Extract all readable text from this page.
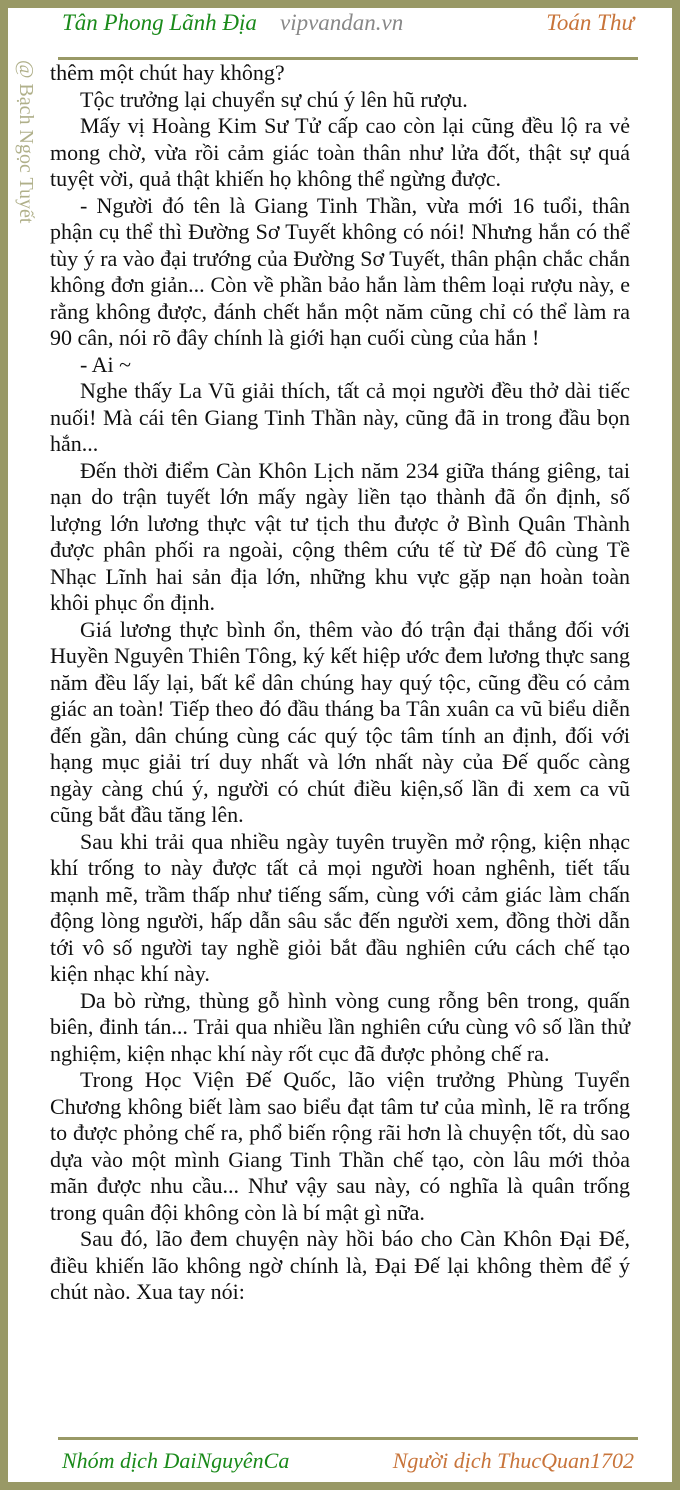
Tân Phong Lãnh Địa vipvandan.vn	Toán Thư
@ Bạch Ngọc Tuyết thêm một chút hay không?

Tộc trưởng lại chuyển sự chú ý lên hũ rượu.

Mấy vị Hoàng Kim Sư Tử cấp cao còn lại cũng đều lộ ra vẻ mong chờ, vừa rồi cảm giác toàn thân như lửa đốt, thật sự quá tuyệt vời, quả thật khiến họ không thể ngừng được.

- Người đó tên là Giang Tinh Thần, vừa mới 16 tuổi, thân phận cụ thể thì Đường Sơ Tuyết không có nói! Nhưng hắn có thể tùy ý ra vào đại trướng của Đường Sơ Tuyết, thân phận chắc chắn không đơn giản... Còn về phần bảo hắn làm thêm loại rượu này, e rằng không được, đánh chết hắn một năm cũng chỉ có thể làm ra 90 cân, nói rõ đây chính là giới hạn cuối cùng của hắn !

- Ai ~

Nghe thấy La Vũ giải thích, tất cả mọi người đều thở dài tiếc nuối! Mà cái tên Giang Tinh Thần này, cũng đã in trong đầu bọn hắn...

Đến thời điểm Càn Khôn Lịch năm 234 giữa tháng giêng, tai nạn do trận tuyết lớn mấy ngày liền tạo thành đã ổn định, số lượng lớn lương thực vật tư tịch thu được ở Bình Quân Thành được phân phối ra ngoài, cộng thêm cứu tế từ Đế đô cùng Tề Nhạc Lĩnh hai sản địa lớn, những khu vực gặp nạn hoàn toàn khôi phục ổn định.

Giá lương thực bình ổn, thêm vào đó trận đại thắng đối với Huyền Nguyên Thiên Tông, ký kết hiệp ước đem lương thực sang năm đều lấy lại, bất kể dân chúng hay quý tộc, cũng đều có cảm giác an toàn! Tiếp theo đó đầu tháng ba Tân xuân ca vũ biểu diễn đến gần, dân chúng cùng các quý tộc tâm tính an định, đối với hạng mục giải trí duy nhất và lớn nhất này của Đế quốc càng ngày càng chú ý, người có chút điều kiện,số lần đi xem ca vũ cũng bắt đầu tăng lên.

Sau khi trải qua nhiều ngày tuyên truyền mở rộng, kiện nhạc khí trống to này được tất cả mọi người hoan nghênh, tiết tấu mạnh mẽ, trầm thấp như tiếng sấm, cùng với cảm giác làm chấn động lòng người, hấp dẫn sâu sắc đến người xem, đồng thời dẫn tới vô số người tay nghề giỏi bắt đầu nghiên cứu cách chế tạo kiện nhạc khí này.

Da bò rừng, thùng gỗ hình vòng cung rỗng bên trong, quấn biên, đinh tán... Trải qua nhiều lần nghiên cứu cùng vô số lần thử nghiệm, kiện nhạc khí này rốt cục đã được phỏng chế ra.

Trong Học Viện Đế Quốc, lão viện trưởng Phùng Tuyển Chương không biết làm sao biểu đạt tâm tư của mình, lẽ ra trống to được phỏng chế ra, phổ biến rộng rãi hơn là chuyện tốt, dù sao dựa vào một mình Giang Tinh Thần chế tạo, còn lâu mới thỏa mãn được nhu cầu... Như vậy sau này, có nghĩa là quân trống trong quân đội không còn là bí mật gì nữa.

Sau đó, lão đem chuyện này hồi báo cho Càn Khôn Đại Đế, điều khiến lão không ngờ chính là, Đại Đế lại không thèm để ý chút nào. Xua tay nói:

Nhóm dịch DaiNguyênCa	Người dịch ThucQuan1702
